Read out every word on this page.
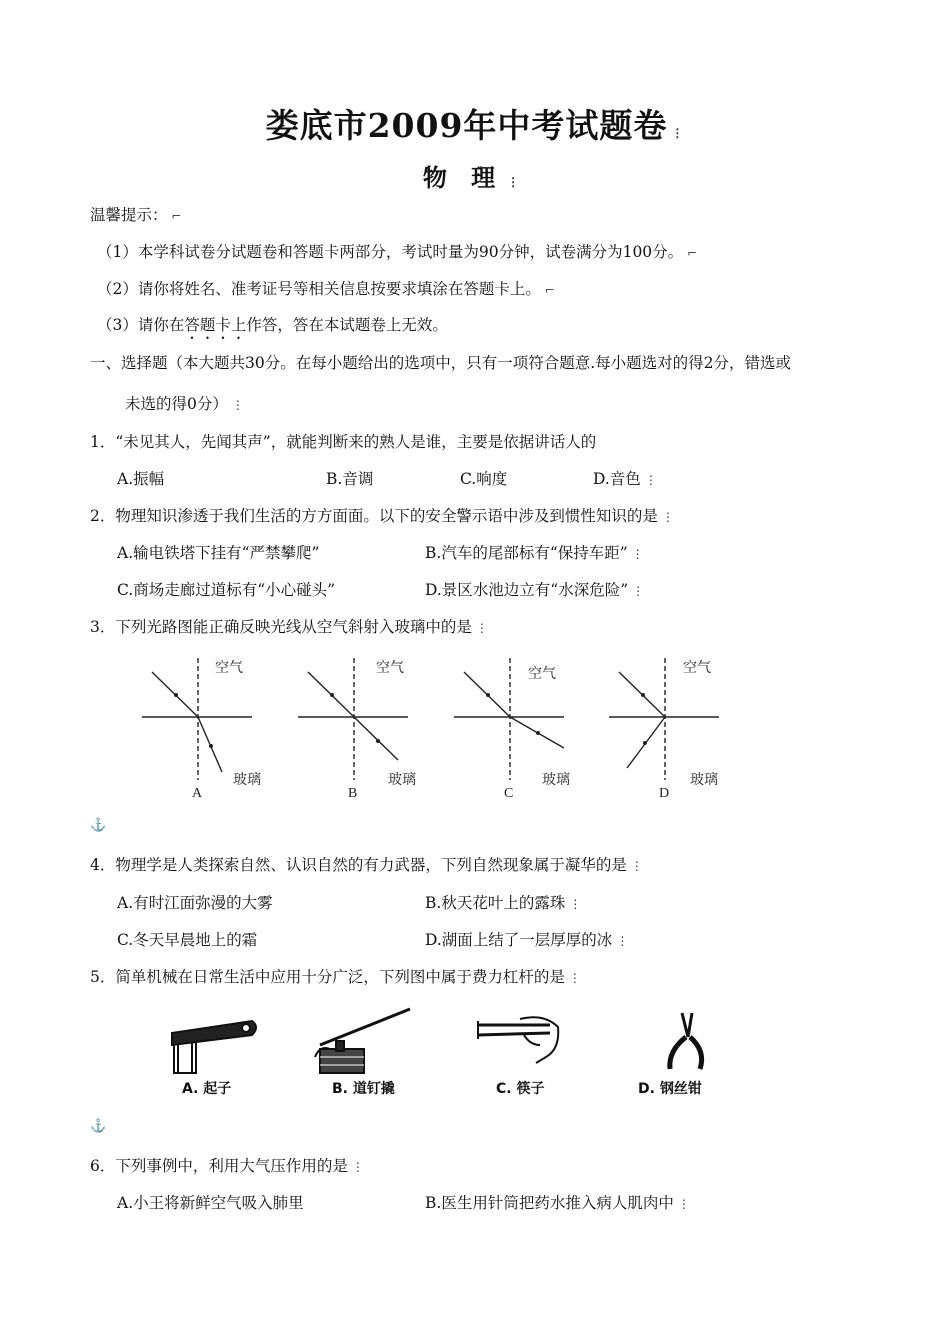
娄底市2009年中考试题卷 ⋮
物 理 ⋮
温馨提示： ⌐
（1）本学科试卷分试题卷和答题卡两部分，考试时量为90分钟，试卷满分为100分。 ⌐
（2）请你将姓名、准考证号等相关信息按要求填涂在答题卡上。 ⌐
（3）请你在答题卡上作答，答在本试题卷上无效。
一、选择题（本大题共30分。在每小题给出的选项中，只有一项符合题意.每小题选对的得2分，错选或
未选的得0分） ⋮
1．“未见其人，先闻其声”，就能判断来的熟人是谁，主要是依据讲话人的
A.振幅	B.音调	C.响度	D.音色 ⋮
2．物理知识渗透于我们生活的方方面面。以下的安全警示语中涉及到惯性知识的是 ⋮
A.输电铁塔下挂有“严禁攀爬”	B.汽车的尾部标有“保持车距” ⋮
C.商场走廊过道标有“小心碰头”	D.景区水池边立有“水深危险” ⋮
3．下列光路图能正确反映光线从空气斜射入玻璃中的是 ⋮
空气
玻璃
A
空气
玻璃
B
空气
玻璃
C
空气
玻璃
D
⚓
4．物理学是人类探索自然、认识自然的有力武器，下列自然现象属于凝华的是 ⋮
A.有时江面弥漫的大雾	B.秋天花叶上的露珠 ⋮
C.冬天早晨地上的霜	D.湖面上结了一层厚厚的冰 ⋮
5．简单机械在日常生活中应用十分广泛，下列图中属于费力杠杆的是 ⋮
A. 起子	B. 道钉撬	C. 筷子	D. 钢丝钳
⚓
6．下列事例中，利用大气压作用的是 ⋮
A.小王将新鲜空气吸入肺里	B.医生用针筒把药水推入病人肌肉中 ⋮
